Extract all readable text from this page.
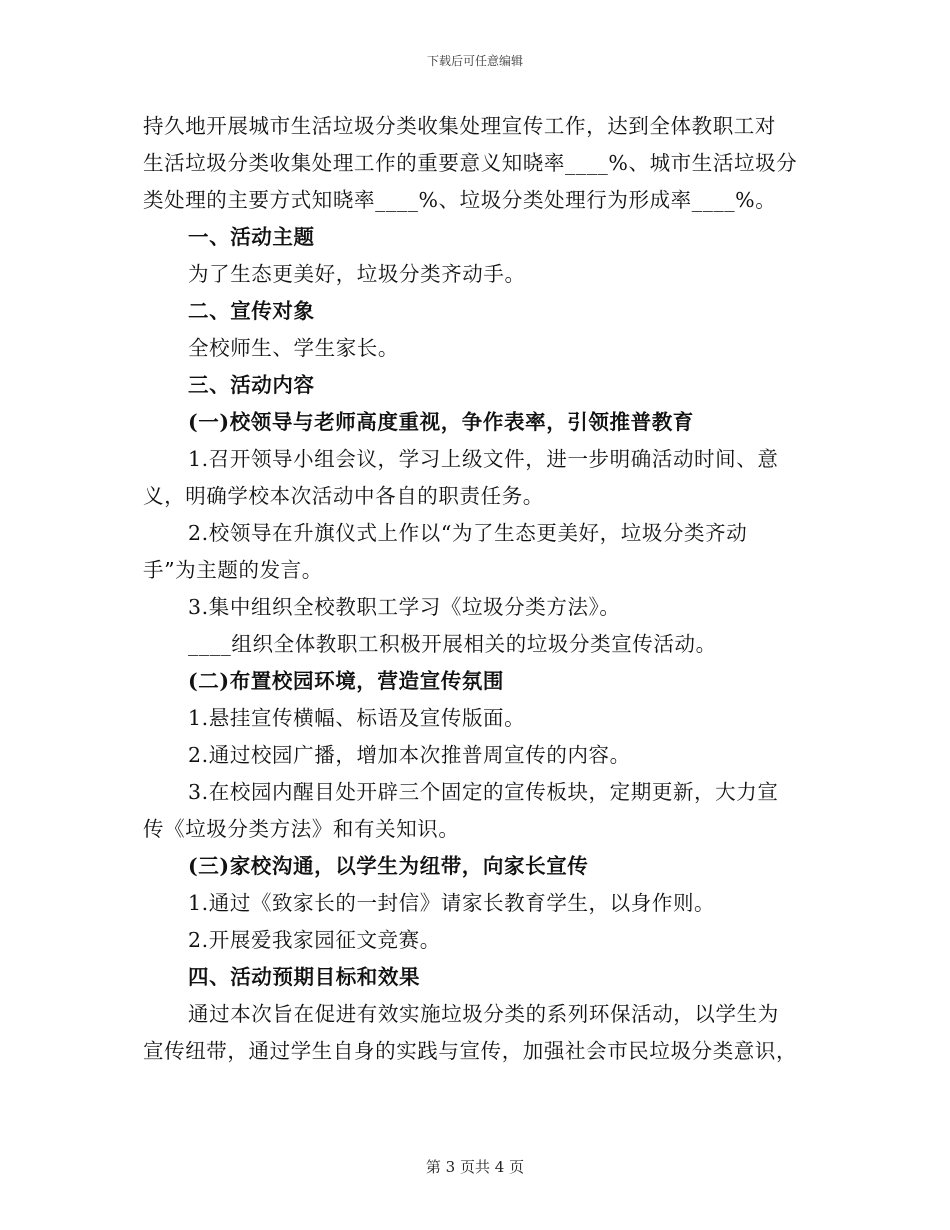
下载后可任意编辑
持久地开展城市生活垃圾分类收集处理宣传工作，达到全体教职工对
生活垃圾分类收集处理工作的重要意义知晓率____%、城市生活垃圾分
类处理的主要方式知晓率____%、垃圾分类处理行为形成率____%。
一、活动主题
为了生态更美好，垃圾分类齐动手。
二、宣传对象
全校师生、学生家长。
三、活动内容
(一)校领导与老师高度重视，争作表率，引领推普教育
1.召开领导小组会议，学习上级文件，进一步明确活动时间、意
义，明确学校本次活动中各自的职责任务。
2.校领导在升旗仪式上作以“为了生态更美好，垃圾分类齐动
手”为主题的发言。
3.集中组织全校教职工学习《垃圾分类方法》。
____组织全体教职工积极开展相关的垃圾分类宣传活动。
(二)布置校园环境，营造宣传氛围
1.悬挂宣传横幅、标语及宣传版面。
2.通过校园广播，增加本次推普周宣传的内容。
3.在校园内醒目处开辟三个固定的宣传板块，定期更新，大力宣
传《垃圾分类方法》和有关知识。
(三)家校沟通，以学生为纽带，向家长宣传
1.通过《致家长的一封信》请家长教育学生，以身作则。
2.开展爱我家园征文竞赛。
四、活动预期目标和效果
通过本次旨在促进有效实施垃圾分类的系列环保活动，以学生为
宣传纽带，通过学生自身的实践与宣传，加强社会市民垃圾分类意识，
第 3 页共 4 页
